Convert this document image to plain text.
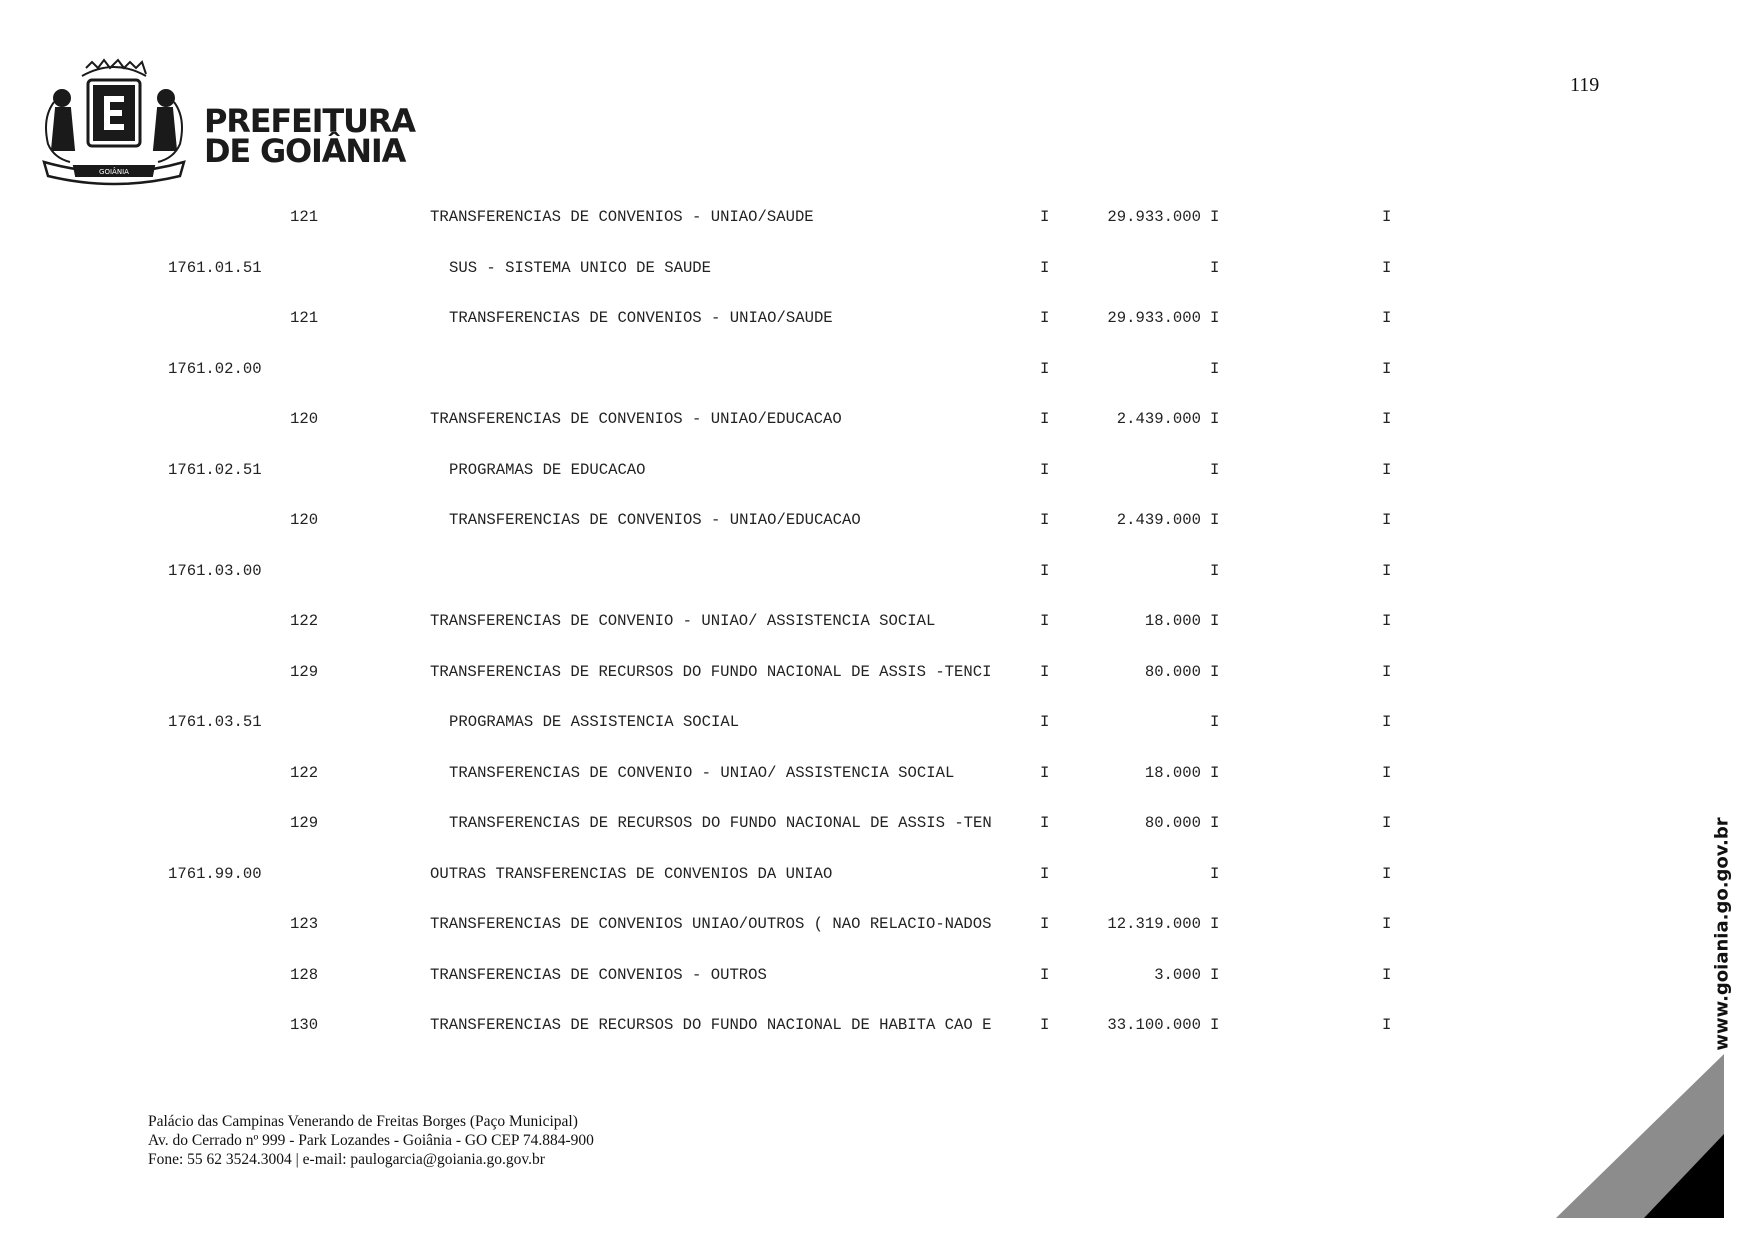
119
GOIÂNIA
PREFEITURA
DE GOIÂNIA
121	TRANSFERENCIAS DE CONVENIOS - UNIAO/SAUDE	I	29.933.000 I	I
1761.01.51	SUS - SISTEMA UNICO DE SAUDE	I	I	I
121	TRANSFERENCIAS DE CONVENIOS - UNIAO/SAUDE	I	29.933.000 I	I
1761.02.00	I	I	I
120	TRANSFERENCIAS DE CONVENIOS - UNIAO/EDUCACAO	I	2.439.000 I	I
1761.02.51	PROGRAMAS DE EDUCACAO	I	I	I
120	TRANSFERENCIAS DE CONVENIOS - UNIAO/EDUCACAO	I	2.439.000 I	I
1761.03.00	I	I	I
122	TRANSFERENCIAS DE CONVENIO - UNIAO/ ASSISTENCIA SOCIAL	I	18.000 I	I
129	TRANSFERENCIAS DE RECURSOS DO FUNDO NACIONAL DE ASSIS -TENCI	I	80.000 I	I
1761.03.51	PROGRAMAS DE ASSISTENCIA SOCIAL	I	I	I
122	TRANSFERENCIAS DE CONVENIO - UNIAO/ ASSISTENCIA SOCIAL	I	18.000 I	I
129	TRANSFERENCIAS DE RECURSOS DO FUNDO NACIONAL DE ASSIS -TEN	I	80.000 I	I
1761.99.00	OUTRAS TRANSFERENCIAS DE CONVENIOS DA UNIAO	I	I	I
123	TRANSFERENCIAS DE CONVENIOS UNIAO/OUTROS ( NAO RELACIO-NADOS	I	12.319.000 I	I
128	TRANSFERENCIAS DE CONVENIOS - OUTROS	I	3.000 I	I
130	TRANSFERENCIAS DE RECURSOS DO FUNDO NACIONAL DE HABITA CAO E	I	33.100.000 I	I
Palácio das Campinas Venerando de Freitas Borges (Paço Municipal)
Av. do Cerrado nº 999 - Park Lozandes - Goiânia - GO CEP 74.884-900
Fone: 55 62 3524.3004 | e-mail: paulogarcia@goiania.go.gov.br
www.goiania.go.gov.br
